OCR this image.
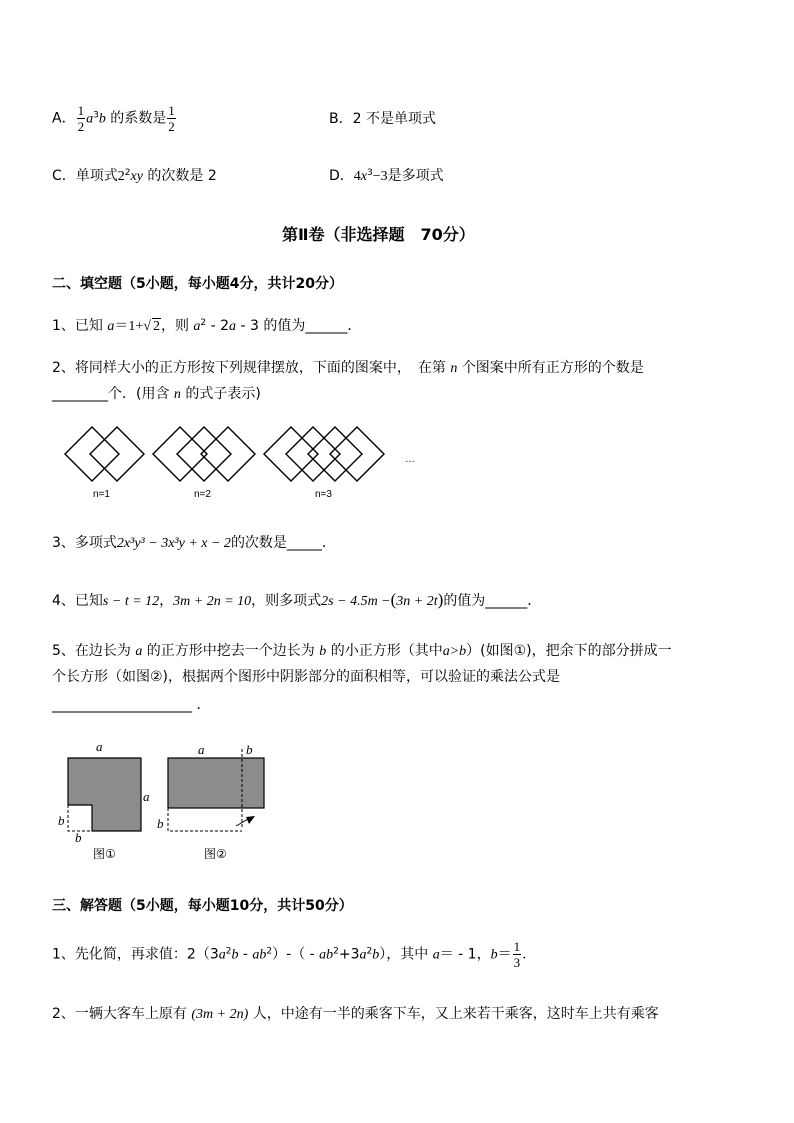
A． $\frac{1}{2} a^3b$ 的系数是 $\frac{1}{2}$	B．2 不是单项式
C．单项式$2^2xy$ 的次数是 2	D．$4x^3-3$是多项式
第Ⅱ卷（非选择题　70分）
二、填空题（5小题，每小题4分，共计20分）
1、已知 a＝1+√ 2，则 $a^2 - 2a - 3$ 的值为______．
2、将同样大小的正方形按下列规律摆放，下面的图案中，　在第 n 个图案中所有正方形的个数是
________个．(用含 n 的式子表示)
n=1	n=2	n=3
…
3、多项式2x³y³ − 3x³y + x − 2的次数是_____．
4、已知s − t = 12，3m + 2n = 10，则多项式2s − 4.5m −(3n + 2t)的值为______．
5、在边长为 a 的正方形中挖去一个边长为 b 的小正方形（其中a>b）(如图①)，把余下的部分拼成一
个长方形（如图②)，根据两个图形中阴影部分的面积相等，可以验证的乘法公式是
____________________ ．
a
a
b
b
图①
a	b
b
图②
三、解答题（5小题，每小题10分，共计50分）
1、先化简，再求值：$2(3a^2b - ab^2)-( - ab^2+3a^2b)$，其中 a＝ - 1，$b= \frac{1}{3}$ ．
2、一辆大客车上原有 (3m + 2n) 人，中途有一半的乘客下车，又上来若干乘客，这时车上共有乘客
